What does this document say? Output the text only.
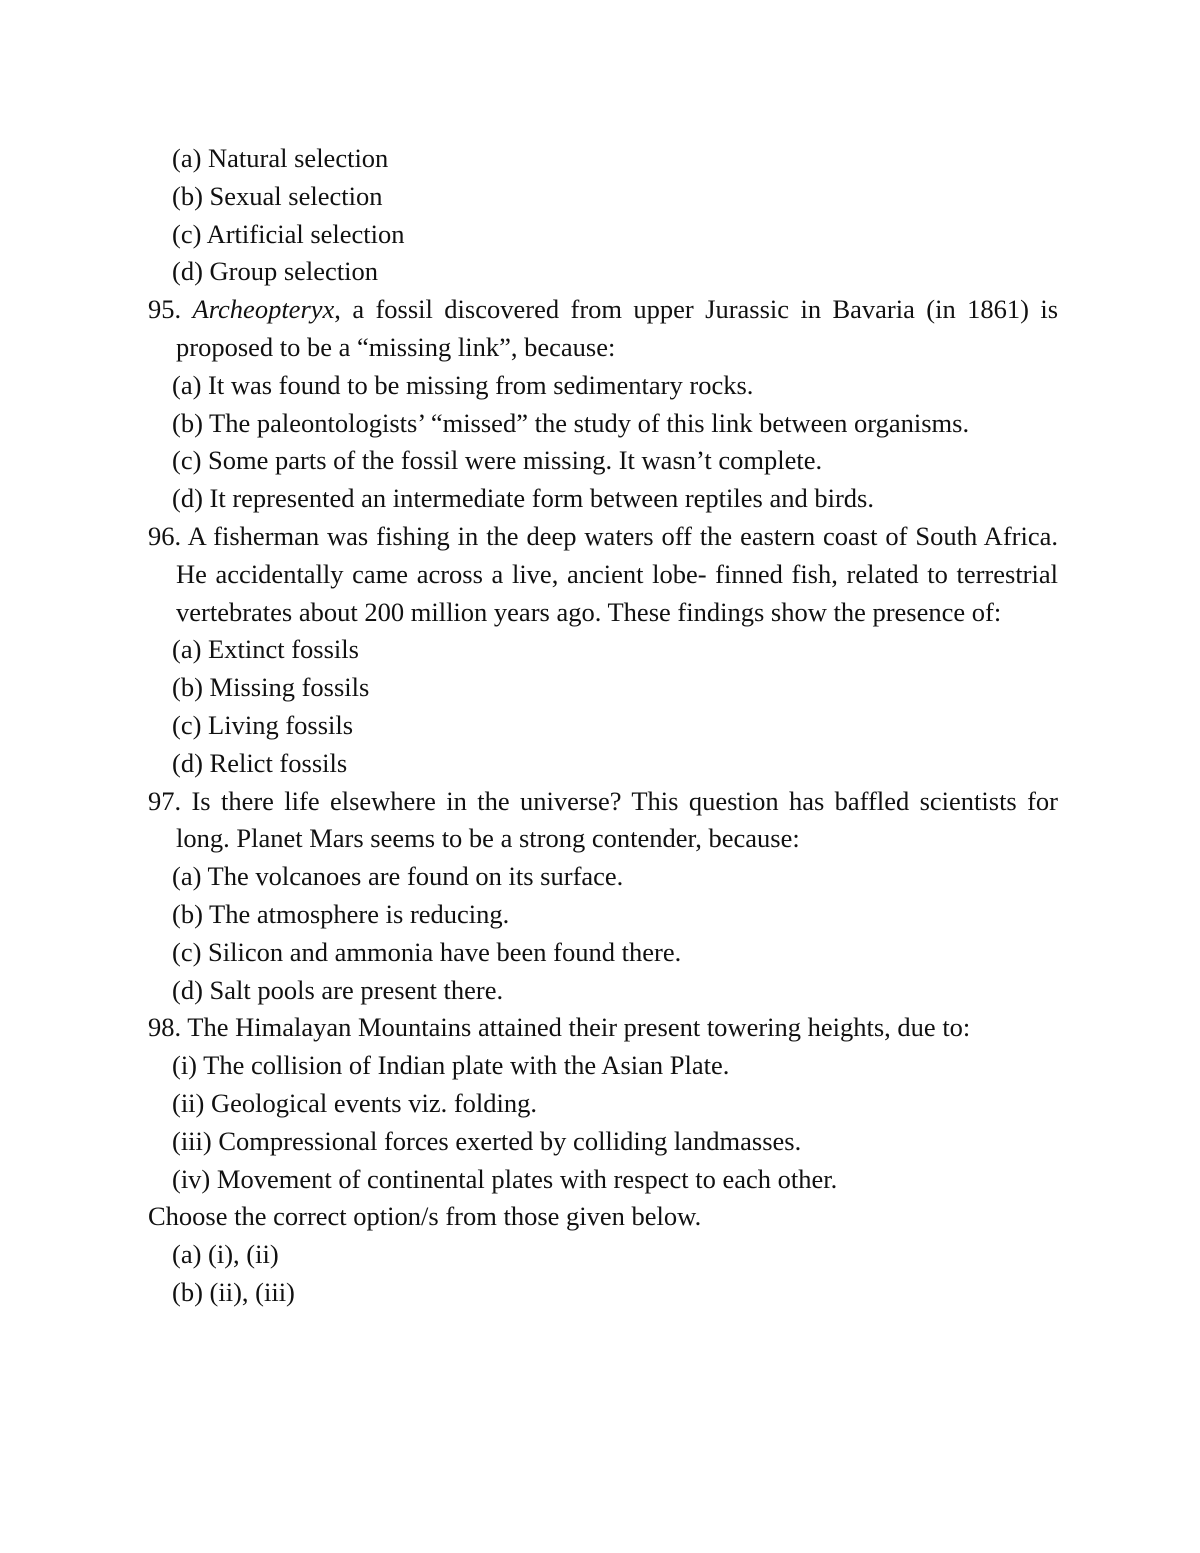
(a) Natural selection

(b) Sexual selection

(c) Artificial selection

(d) Group selection

95. Archeopteryx, a fossil discovered from upper Jurassic in Bavaria (in 1861) is proposed to be a “missing link”, because:

(a) It was found to be missing from sedimentary rocks.

(b) The paleontologists’ “missed” the study of this link between organisms.

(c) Some parts of the fossil were missing. It wasn’t complete.

(d) It represented an intermediate form between reptiles and birds.

96. A fisherman was fishing in the deep waters off the eastern coast of South Africa. He accidentally came across a live, ancient lobe- finned fish, related to terrestrial vertebrates about 200 million years ago. These findings show the presence of:

(a) Extinct fossils

(b) Missing fossils

(c) Living fossils

(d) Relict fossils

97. Is there life elsewhere in the universe? This question has baffled scientists for long. Planet Mars seems to be a strong contender, because:

(a) The volcanoes are found on its surface.

(b) The atmosphere is reducing.

(c) Silicon and ammonia have been found there.

(d) Salt pools are present there.

98. The Himalayan Mountains attained their present towering heights, due to:

(i) The collision of Indian plate with the Asian Plate.

(ii) Geological events viz. folding.

(iii) Compressional forces exerted by colliding landmasses.

(iv) Movement of continental plates with respect to each other.

Choose the correct option/s from those given below.

(a) (i), (ii)

(b) (ii), (iii)
